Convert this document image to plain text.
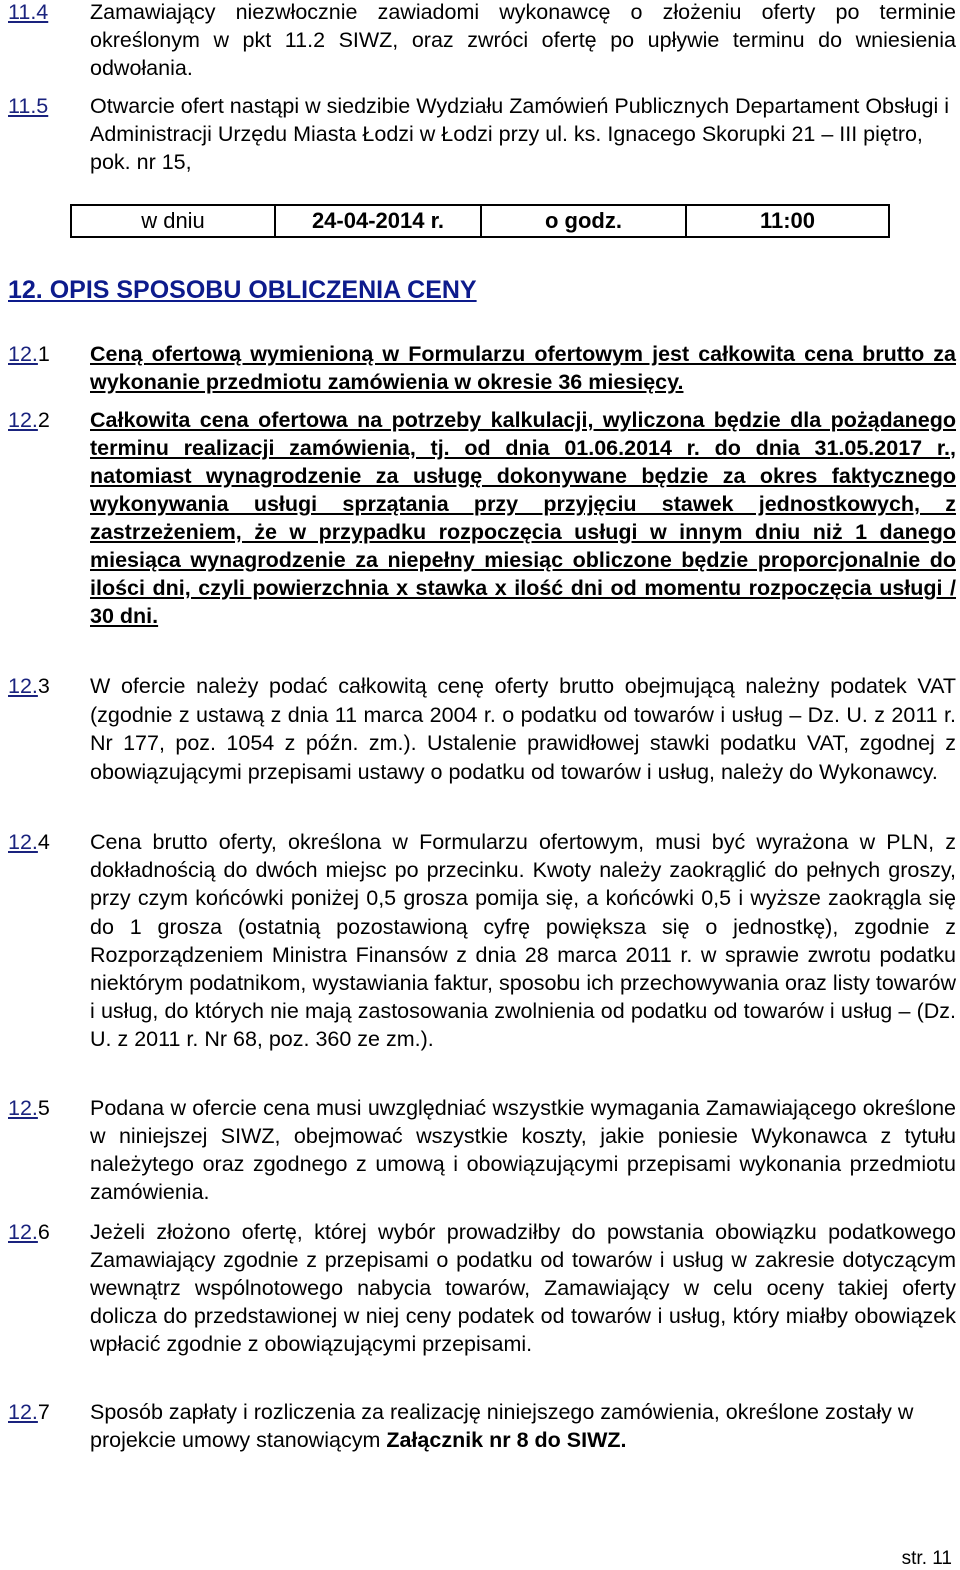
11.4	Zamawiający niezwłocznie zawiadomi wykonawcę o złożeniu oferty po terminie określonym w pkt 11.2 SIWZ, oraz zwróci ofertę po upływie terminu do wniesienia odwołania.
11.5	Otwarcie ofert nastąpi w siedzibie Wydziału Zamówień Publicznych Departament Obsługi i Administracji Urzędu Miasta Łodzi w Łodzi przy ul. ks. Ignacego Skorupki 21 – III piętro, pok. nr 15,
w dniu	24-04-2014 r.	o godz.	11:00
12. OPIS SPOSOBU OBLICZENIA CENY
12.1	Ceną ofertową wymienioną w Formularzu ofertowym jest całkowita cena brutto za wykonanie przedmiotu zamówienia w okresie 36 miesięcy.
12.2	Całkowita cena ofertowa na potrzeby kalkulacji, wyliczona będzie dla pożądanego terminu realizacji zamówienia, tj. od dnia 01.06.2014 r. do dnia 31.05.2017 r., natomiast wynagrodzenie za usługę dokonywane będzie za okres faktycznego wykonywania usługi sprzątania przy przyjęciu stawek jednostkowych, z zastrzeżeniem, że w przypadku rozpoczęcia usługi w innym dniu niż 1 danego miesiąca wynagrodzenie za niepełny miesiąc obliczone będzie proporcjonalnie do ilości dni, czyli powierzchnia x stawka x ilość dni od momentu rozpoczęcia usługi / 30 dni.
12.3	W ofercie należy podać całkowitą cenę oferty brutto obejmującą należny podatek VAT (zgodnie z ustawą z dnia 11 marca 2004 r. o podatku od towarów i usług – Dz. U. z 2011 r. Nr 177, poz. 1054 z późn. zm.). Ustalenie prawidłowej stawki podatku VAT, zgodnej z obowiązującymi przepisami ustawy o podatku od towarów i usług, należy do Wykonawcy.
12.4	Cena brutto oferty, określona w Formularzu ofertowym, musi być wyrażona w PLN, z dokładnością do dwóch miejsc po przecinku. Kwoty należy zaokrąglić do pełnych groszy, przy czym końcówki poniżej 0,5 grosza pomija się, a końcówki 0,5 i wyższe zaokrągla się do 1 grosza (ostatnią pozostawioną cyfrę powiększa się o jednostkę), zgodnie z Rozporządzeniem Ministra Finansów z dnia 28 marca 2011 r. w sprawie zwrotu podatku niektórym podatnikom, wystawiania faktur, sposobu ich przechowywania oraz listy towarów i usług, do których nie mają zastosowania zwolnienia od podatku od towarów i usług – (Dz. U. z 2011 r. Nr 68, poz. 360 ze zm.).
12.5	Podana w ofercie cena musi uwzględniać wszystkie wymagania Zamawiającego określone w niniejszej SIWZ, obejmować wszystkie koszty, jakie poniesie Wykonawca z tytułu należytego oraz zgodnego z umową i obowiązującymi przepisami wykonania przedmiotu zamówienia.
12.6	Jeżeli złożono ofertę, której wybór prowadziłby do powstania obowiązku podatkowego Zamawiający zgodnie z przepisami o podatku od towarów i usług w zakresie dotyczącym wewnątrz wspólnotowego nabycia towarów, Zamawiający w celu oceny takiej oferty dolicza do przedstawionej w niej ceny podatek od towarów i usług, który miałby obowiązek wpłacić zgodnie z obowiązującymi przepisami.
12.7	Sposób zapłaty i rozliczenia za realizację niniejszego zamówienia, określone zostały w projekcie umowy stanowiącym Załącznik nr 8 do SIWZ.
str. 11
